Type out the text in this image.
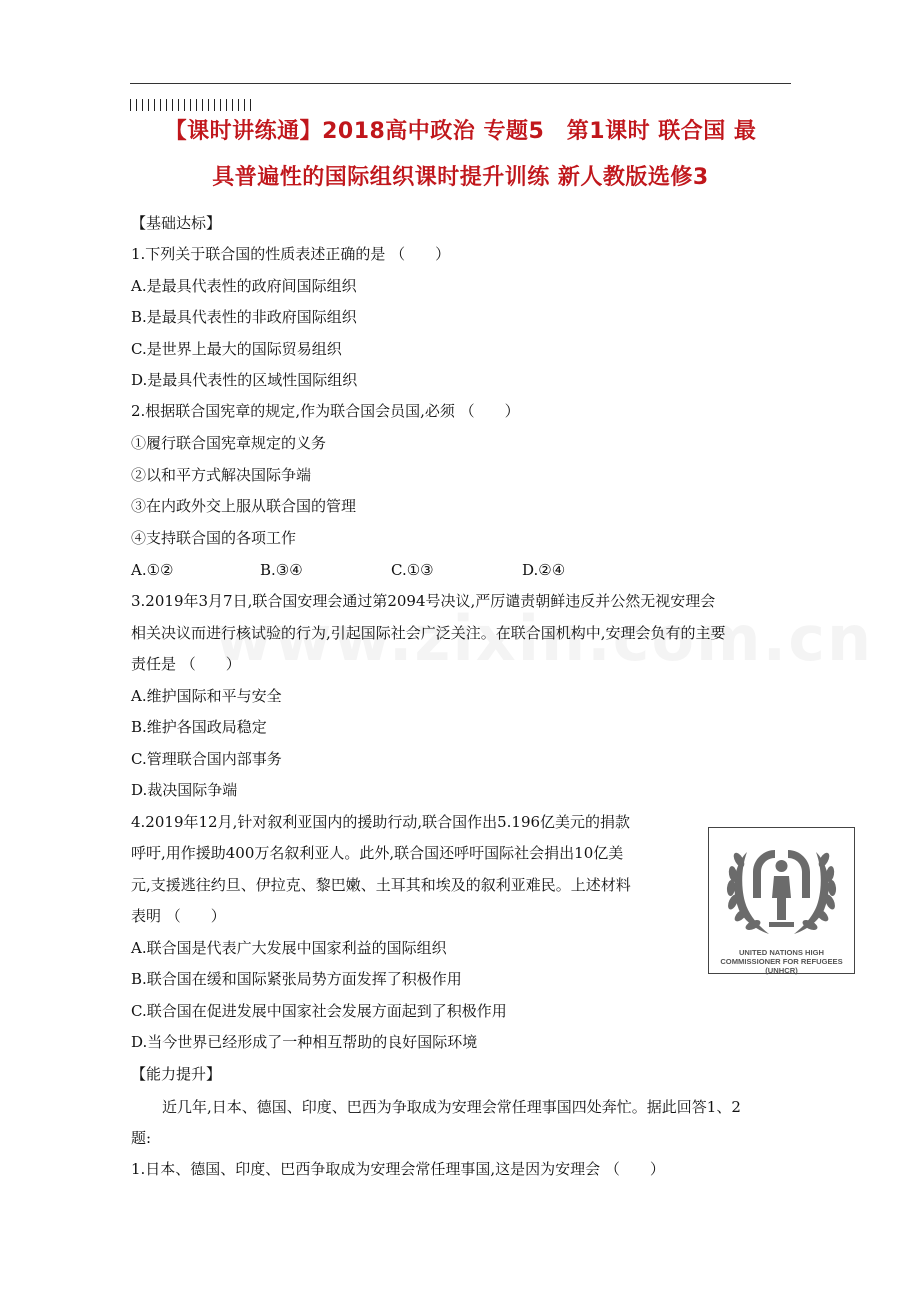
【课时讲练通】2018高中政治 专题5　第1课时 联合国 最
具普遍性的国际组织课时提升训练 新人教版选修3
【基础达标】
1.下列关于联合国的性质表述正确的是 （　　）
A.是最具代表性的政府间国际组织
B.是最具代表性的非政府国际组织
C.是世界上最大的国际贸易组织
D.是最具代表性的区域性国际组织
2.根据联合国宪章的规定,作为联合国会员国,必须 （　　）
①履行联合国宪章规定的义务
②以和平方式解决国际争端
③在内政外交上服从联合国的管理
④支持联合国的各项工作
A.①②	B.③④	C.①③	D.②④
3.2019年3月7日,联合国安理会通过第2094号决议,严厉谴责朝鲜违反并公然无视安理会
相关决议而进行核试验的行为,引起国际社会广泛关注。在联合国机构中,安理会负有的主要
责任是 （　　）
A.维护国际和平与安全
B.维护各国政局稳定
C.管理联合国内部事务
D.裁决国际争端
4.2019年12月,针对叙利亚国内的援助行动,联合国作出5.196亿美元的捐款
呼吁,用作援助400万名叙利亚人。此外,联合国还呼吁国际社会捐出10亿美
元,支援逃往约旦、伊拉克、黎巴嫩、土耳其和埃及的叙利亚难民。上述材料
表明 （　　）
A.联合国是代表广大发展中国家利益的国际组织
B.联合国在缓和国际紧张局势方面发挥了积极作用
C.联合国在促进发展中国家社会发展方面起到了积极作用
D.当今世界已经形成了一种相互帮助的良好国际环境
UNITED NATIONS HIGH
COMMISSIONER FOR REFUGEES
(UNHCR)
【能力提升】
近几年,日本、德国、印度、巴西为争取成为安理会常任理事国四处奔忙。据此回答1、2
题:
1.日本、德国、印度、巴西争取成为安理会常任理事国,这是因为安理会 （　　）
